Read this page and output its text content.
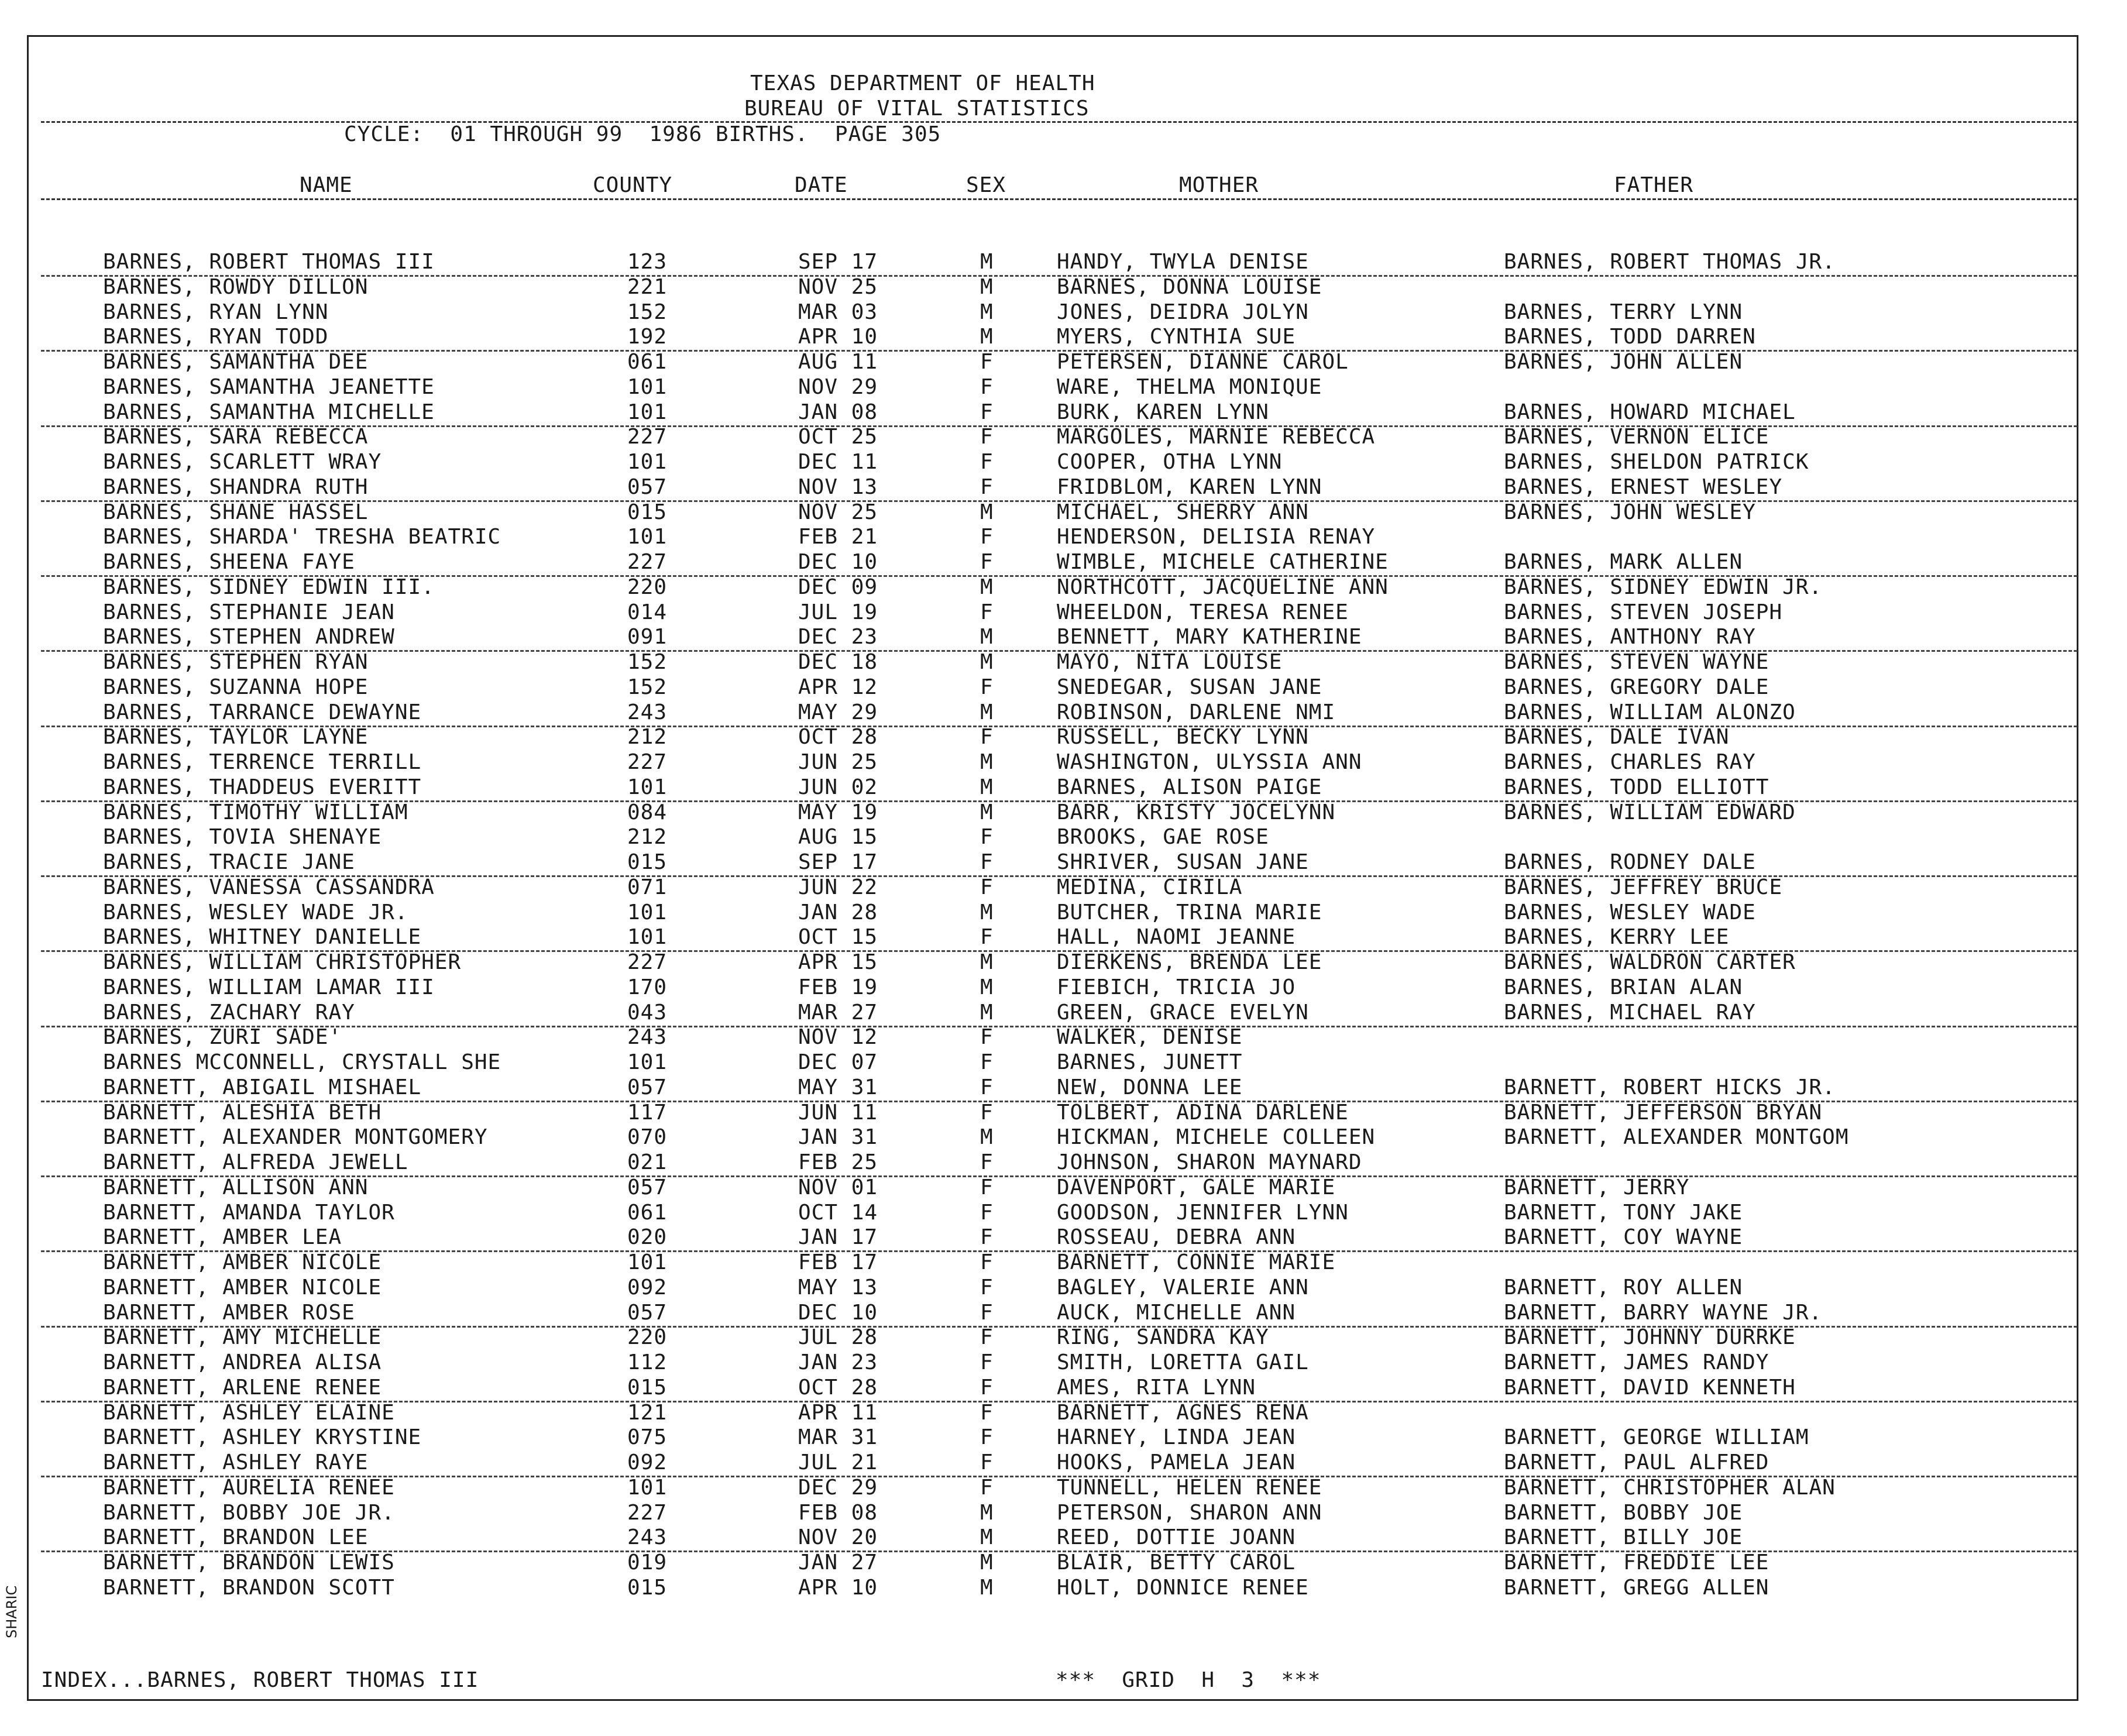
TEXAS DEPARTMENT OF HEALTH
BUREAU OF VITAL STATISTICS
CYCLE:  01 THROUGH 99  1986 BIRTHS.  PAGE 305
NAME	COUNTY	DATE	SEX	MOTHER	FATHER
BARNES, ROBERT THOMAS III	123	SEP 17	M	HANDY, TWYLA DENISE	BARNES, ROBERT THOMAS JR.
BARNES, ROWDY DILLON	221	NOV 25	M	BARNES, DONNA LOUISE
BARNES, RYAN LYNN	152	MAR 03	M	JONES, DEIDRA JOLYN	BARNES, TERRY LYNN
BARNES, RYAN TODD	192	APR 10	M	MYERS, CYNTHIA SUE	BARNES, TODD DARREN
BARNES, SAMANTHA DEE	061	AUG 11	F	PETERSEN, DIANNE CAROL	BARNES, JOHN ALLEN
BARNES, SAMANTHA JEANETTE	101	NOV 29	F	WARE, THELMA MONIQUE
BARNES, SAMANTHA MICHELLE	101	JAN 08	F	BURK, KAREN LYNN	BARNES, HOWARD MICHAEL
BARNES, SARA REBECCA	227	OCT 25	F	MARGOLES, MARNIE REBECCA	BARNES, VERNON ELICE
BARNES, SCARLETT WRAY	101	DEC 11	F	COOPER, OTHA LYNN	BARNES, SHELDON PATRICK
BARNES, SHANDRA RUTH	057	NOV 13	F	FRIDBLOM, KAREN LYNN	BARNES, ERNEST WESLEY
BARNES, SHANE HASSEL	015	NOV 25	M	MICHAEL, SHERRY ANN	BARNES, JOHN WESLEY
BARNES, SHARDA' TRESHA BEATRIC	101	FEB 21	F	HENDERSON, DELISIA RENAY
BARNES, SHEENA FAYE	227	DEC 10	F	WIMBLE, MICHELE CATHERINE	BARNES, MARK ALLEN
BARNES, SIDNEY EDWIN III.	220	DEC 09	M	NORTHCOTT, JACQUELINE ANN	BARNES, SIDNEY EDWIN JR.
BARNES, STEPHANIE JEAN	014	JUL 19	F	WHEELDON, TERESA RENEE	BARNES, STEVEN JOSEPH
BARNES, STEPHEN ANDREW	091	DEC 23	M	BENNETT, MARY KATHERINE	BARNES, ANTHONY RAY
BARNES, STEPHEN RYAN	152	DEC 18	M	MAYO, NITA LOUISE	BARNES, STEVEN WAYNE
BARNES, SUZANNA HOPE	152	APR 12	F	SNEDEGAR, SUSAN JANE	BARNES, GREGORY DALE
BARNES, TARRANCE DEWAYNE	243	MAY 29	M	ROBINSON, DARLENE NMI	BARNES, WILLIAM ALONZO
BARNES, TAYLOR LAYNE	212	OCT 28	F	RUSSELL, BECKY LYNN	BARNES, DALE IVAN
BARNES, TERRENCE TERRILL	227	JUN 25	M	WASHINGTON, ULYSSIA ANN	BARNES, CHARLES RAY
BARNES, THADDEUS EVERITT	101	JUN 02	M	BARNES, ALISON PAIGE	BARNES, TODD ELLIOTT
BARNES, TIMOTHY WILLIAM	084	MAY 19	M	BARR, KRISTY JOCELYNN	BARNES, WILLIAM EDWARD
BARNES, TOVIA SHENAYE	212	AUG 15	F	BROOKS, GAE ROSE
BARNES, TRACIE JANE	015	SEP 17	F	SHRIVER, SUSAN JANE	BARNES, RODNEY DALE
BARNES, VANESSA CASSANDRA	071	JUN 22	F	MEDINA, CIRILA	BARNES, JEFFREY BRUCE
BARNES, WESLEY WADE JR.	101	JAN 28	M	BUTCHER, TRINA MARIE	BARNES, WESLEY WADE
BARNES, WHITNEY DANIELLE	101	OCT 15	F	HALL, NAOMI JEANNE	BARNES, KERRY LEE
BARNES, WILLIAM CHRISTOPHER	227	APR 15	M	DIERKENS, BRENDA LEE	BARNES, WALDRON CARTER
BARNES, WILLIAM LAMAR III	170	FEB 19	M	FIEBICH, TRICIA JO	BARNES, BRIAN ALAN
BARNES, ZACHARY RAY	043	MAR 27	M	GREEN, GRACE EVELYN	BARNES, MICHAEL RAY
BARNES, ZURI SADE'	243	NOV 12	F	WALKER, DENISE
BARNES MCCONNELL, CRYSTALL SHE	101	DEC 07	F	BARNES, JUNETT
BARNETT, ABIGAIL MISHAEL	057	MAY 31	F	NEW, DONNA LEE	BARNETT, ROBERT HICKS JR.
BARNETT, ALESHIA BETH	117	JUN 11	F	TOLBERT, ADINA DARLENE	BARNETT, JEFFERSON BRYAN
BARNETT, ALEXANDER MONTGOMERY	070	JAN 31	M	HICKMAN, MICHELE COLLEEN	BARNETT, ALEXANDER MONTGOM
BARNETT, ALFREDA JEWELL	021	FEB 25	F	JOHNSON, SHARON MAYNARD
BARNETT, ALLISON ANN	057	NOV 01	F	DAVENPORT, GALE MARIE	BARNETT, JERRY
BARNETT, AMANDA TAYLOR	061	OCT 14	F	GOODSON, JENNIFER LYNN	BARNETT, TONY JAKE
BARNETT, AMBER LEA	020	JAN 17	F	ROSSEAU, DEBRA ANN	BARNETT, COY WAYNE
BARNETT, AMBER NICOLE	101	FEB 17	F	BARNETT, CONNIE MARIE
BARNETT, AMBER NICOLE	092	MAY 13	F	BAGLEY, VALERIE ANN	BARNETT, ROY ALLEN
BARNETT, AMBER ROSE	057	DEC 10	F	AUCK, MICHELLE ANN	BARNETT, BARRY WAYNE JR.
BARNETT, AMY MICHELLE	220	JUL 28	F	RING, SANDRA KAY	BARNETT, JOHNNY DURRKE
BARNETT, ANDREA ALISA	112	JAN 23	F	SMITH, LORETTA GAIL	BARNETT, JAMES RANDY
BARNETT, ARLENE RENEE	015	OCT 28	F	AMES, RITA LYNN	BARNETT, DAVID KENNETH
BARNETT, ASHLEY ELAINE	121	APR 11	F	BARNETT, AGNES RENA
BARNETT, ASHLEY KRYSTINE	075	MAR 31	F	HARNEY, LINDA JEAN	BARNETT, GEORGE WILLIAM
BARNETT, ASHLEY RAYE	092	JUL 21	F	HOOKS, PAMELA JEAN	BARNETT, PAUL ALFRED
BARNETT, AURELIA RENEE	101	DEC 29	F	TUNNELL, HELEN RENEE	BARNETT, CHRISTOPHER ALAN
BARNETT, BOBBY JOE JR.	227	FEB 08	M	PETERSON, SHARON ANN	BARNETT, BOBBY JOE
BARNETT, BRANDON LEE	243	NOV 20	M	REED, DOTTIE JOANN	BARNETT, BILLY JOE
BARNETT, BRANDON LEWIS	019	JAN 27	M	BLAIR, BETTY CAROL	BARNETT, FREDDIE LEE
BARNETT, BRANDON SCOTT	015	APR 10	M	HOLT, DONNICE RENEE	BARNETT, GREGG ALLEN
INDEX...BARNES, ROBERT THOMAS III	***  GRID  H  3  ***
SHARIC
